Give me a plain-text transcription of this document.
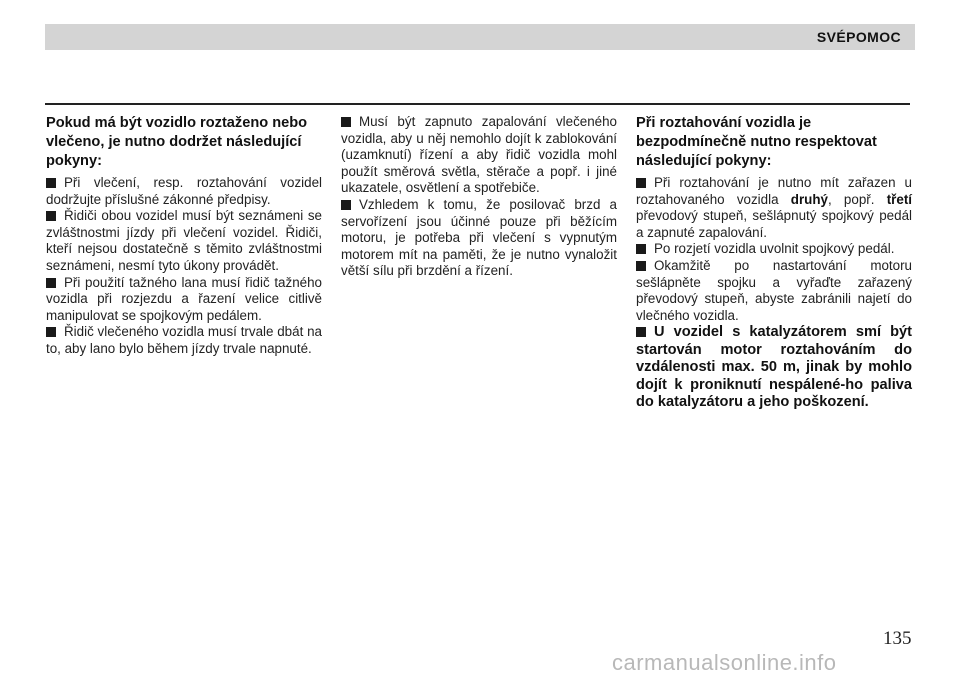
SVÉPOMOC
Pokud má být vozidlo roztaženo nebo vlečeno, je nutno dodržet následující pokyny:

Při vlečení, resp. roztahování vozidel dodržujte příslušné zákonné předpisy.

Řidiči obou vozidel musí být seznámeni se zvláštnostmi jízdy při vlečení vozidel. Řidiči, kteří nejsou dostatečně s těmito zvláštnostmi seznámeni, nesmí tyto úkony provádět.

Při použití tažného lana musí řidič tažného vozidla při rozjezdu a řazení velice citlivě manipulovat se spojkovým pedálem.

Řidič vlečeného vozidla musí trvale dbát na to, aby lano bylo během jízdy trvale napnuté.

Musí být zapnuto zapalování vlečeného vozidla, aby u něj nemohlo dojít k zablokování (uzamknutí) řízení a aby řidič vozidla mohl použít směrová světla, stěrače a popř. i jiné ukazatele, osvětlení a spotřebiče.

Vzhledem k tomu, že posilovač brzd a servořízení jsou účinné pouze při běžícím motoru, je potřeba při vlečení s vypnutým motorem mít na paměti, že je nutno vynaložit větší sílu při brzdění a řízení.

Při roztahování vozidla je bezpodmínečně nutno respektovat následující pokyny:

Při roztahování je nutno mít zařazen u roztahovaného vozidla druhý, popř. třetí převodový stupeň, sešlápnutý spojkový pedál a zapnuté zapalování.

Po rozjetí vozidla uvolnit spojkový pedál.

Okamžitě po nastartování motoru sešlápněte spojku a vyřaďte zařazený převodový stupeň, abyste zabránili najetí do vlečného vozidla.

U vozidel s katalyzátorem smí být startován motor roztahováním do vzdálenosti max. 50 m, jinak by mohlo dojít k proniknutí nespálené-ho paliva do katalyzátoru a jeho poškození.

135
carmanualsonline.info
